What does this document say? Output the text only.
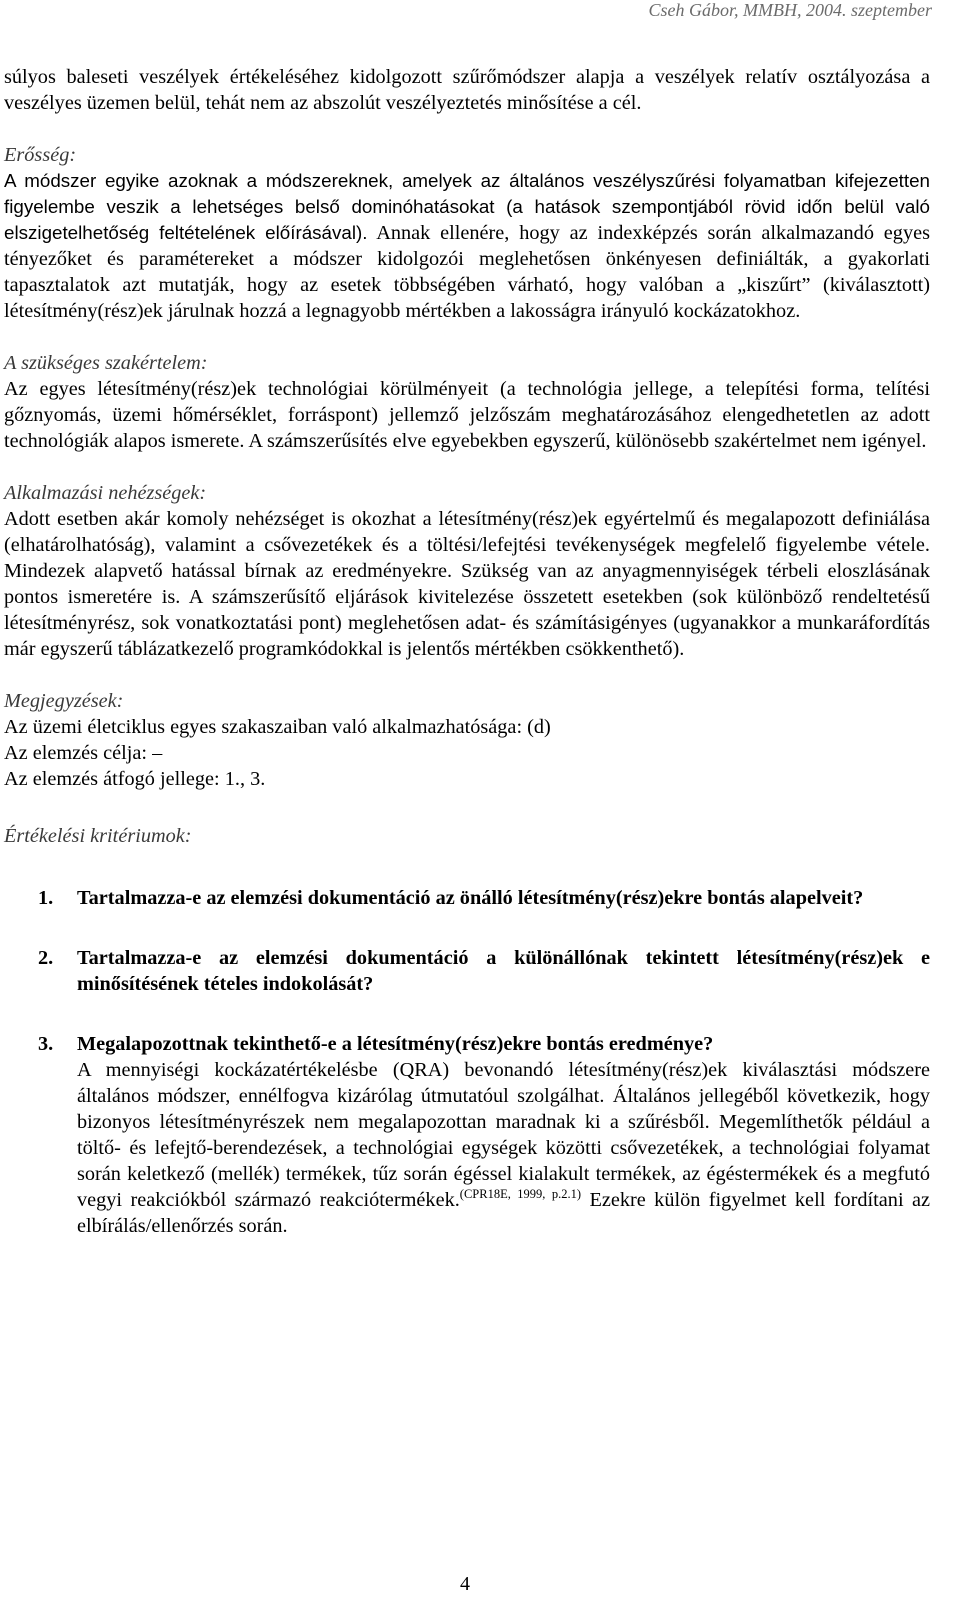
Cseh Gábor, MMBH, 2004. szeptember

súlyos baleseti veszélyek értékeléséhez kidolgozott szűrőmódszer alapja a veszélyek relatív osztályozása a veszélyes üzemen belül, tehát nem az abszolút veszélyeztetés minősítése a cél.

Erősség:

A módszer egyike azoknak a módszereknek, amelyek az általános veszélyszűrési folyamatban kifejezetten figyelembe veszik a lehetséges belső dominóhatásokat (a hatások szempontjából rövid időn belül való elszigetelhetőség feltételének előírásával). Annak ellenére, hogy az indexképzés során alkalmazandó egyes tényezőket és paramétereket a módszer kidolgozói meglehetősen önkényesen definiálták, a gyakorlati tapasztalatok azt mutatják, hogy az esetek többségében várható, hogy valóban a „kiszűrt” (kiválasztott) létesítmény(rész)ek járulnak hozzá a legnagyobb mértékben a lakosságra irányuló kockázatokhoz.

A szükséges szakértelem:

Az egyes létesítmény(rész)ek technológiai körülményeit (a technológia jellege, a telepítési forma, telítési gőznyomás, üzemi hőmérséklet, forráspont) jellemző jelzőszám meghatározásához elengedhetetlen az adott technológiák alapos ismerete. A számszerűsítés elve egyebekben egyszerű, különösebb szakértelmet nem igényel.

Alkalmazási nehézségek:

Adott esetben akár komoly nehézséget is okozhat a létesítmény(rész)ek egyértelmű és megalapozott definiálása (elhatárolhatóság), valamint a csővezetékek és a töltési/lefejtési tevékenységek megfelelő figyelembe vétele. Mindezek alapvető hatással bírnak az eredményekre. Szükség van az anyagmennyiségek térbeli eloszlásának pontos ismeretére is. A számszerűsítő eljárások kivitelezése összetett esetekben (sok különböző rendeltetésű létesítményrész, sok vonatkoztatási pont) meglehetősen adat- és számításigényes (ugyanakkor a munkaráfordítás már egyszerű táblázatkezelő programkódokkal is jelentős mértékben csökkenthető).

Megjegyzések:

Az üzemi életciklus egyes szakaszaiban való alkalmazhatósága: (d)

Az elemzés célja: –

Az elemzés átfogó jellege: 1., 3.

Értékelési kritériumok:

1. Tartalmazza-e az elemzési dokumentáció az önálló létesítmény(rész)ekre bontás alapelveit?

2. Tartalmazza-e az elemzési dokumentáció a különállónak tekintett létesítmény(rész)ek e minősítésének tételes indokolását?

3. Megalapozottnak tekinthető-e a létesítmény(rész)ekre bontás eredménye?

A mennyiségi kockázatértékelésbe (QRA) bevonandó létesítmény(rész)ek kiválasztási módszere általános módszer, ennélfogva kizárólag útmutatóul szolgálhat. Általános jellegéből következik, hogy bizonyos létesítményrészek nem megalapozottan maradnak ki a szűrésből. Megemlíthetők például a töltő- és lefejtő-berendezések, a technológiai egységek közötti csővezetékek, a technológiai folyamat során keletkező (mellék) termékek, tűz során égéssel kialakult termékek, az égéstermékek és a megfutó vegyi reakciókból származó reakciótermékek.$^{(CPR18E, 1999, p.2.1)}$ Ezekre külön figyelmet kell fordítani az elbírálás/ellenőrzés során.

4
